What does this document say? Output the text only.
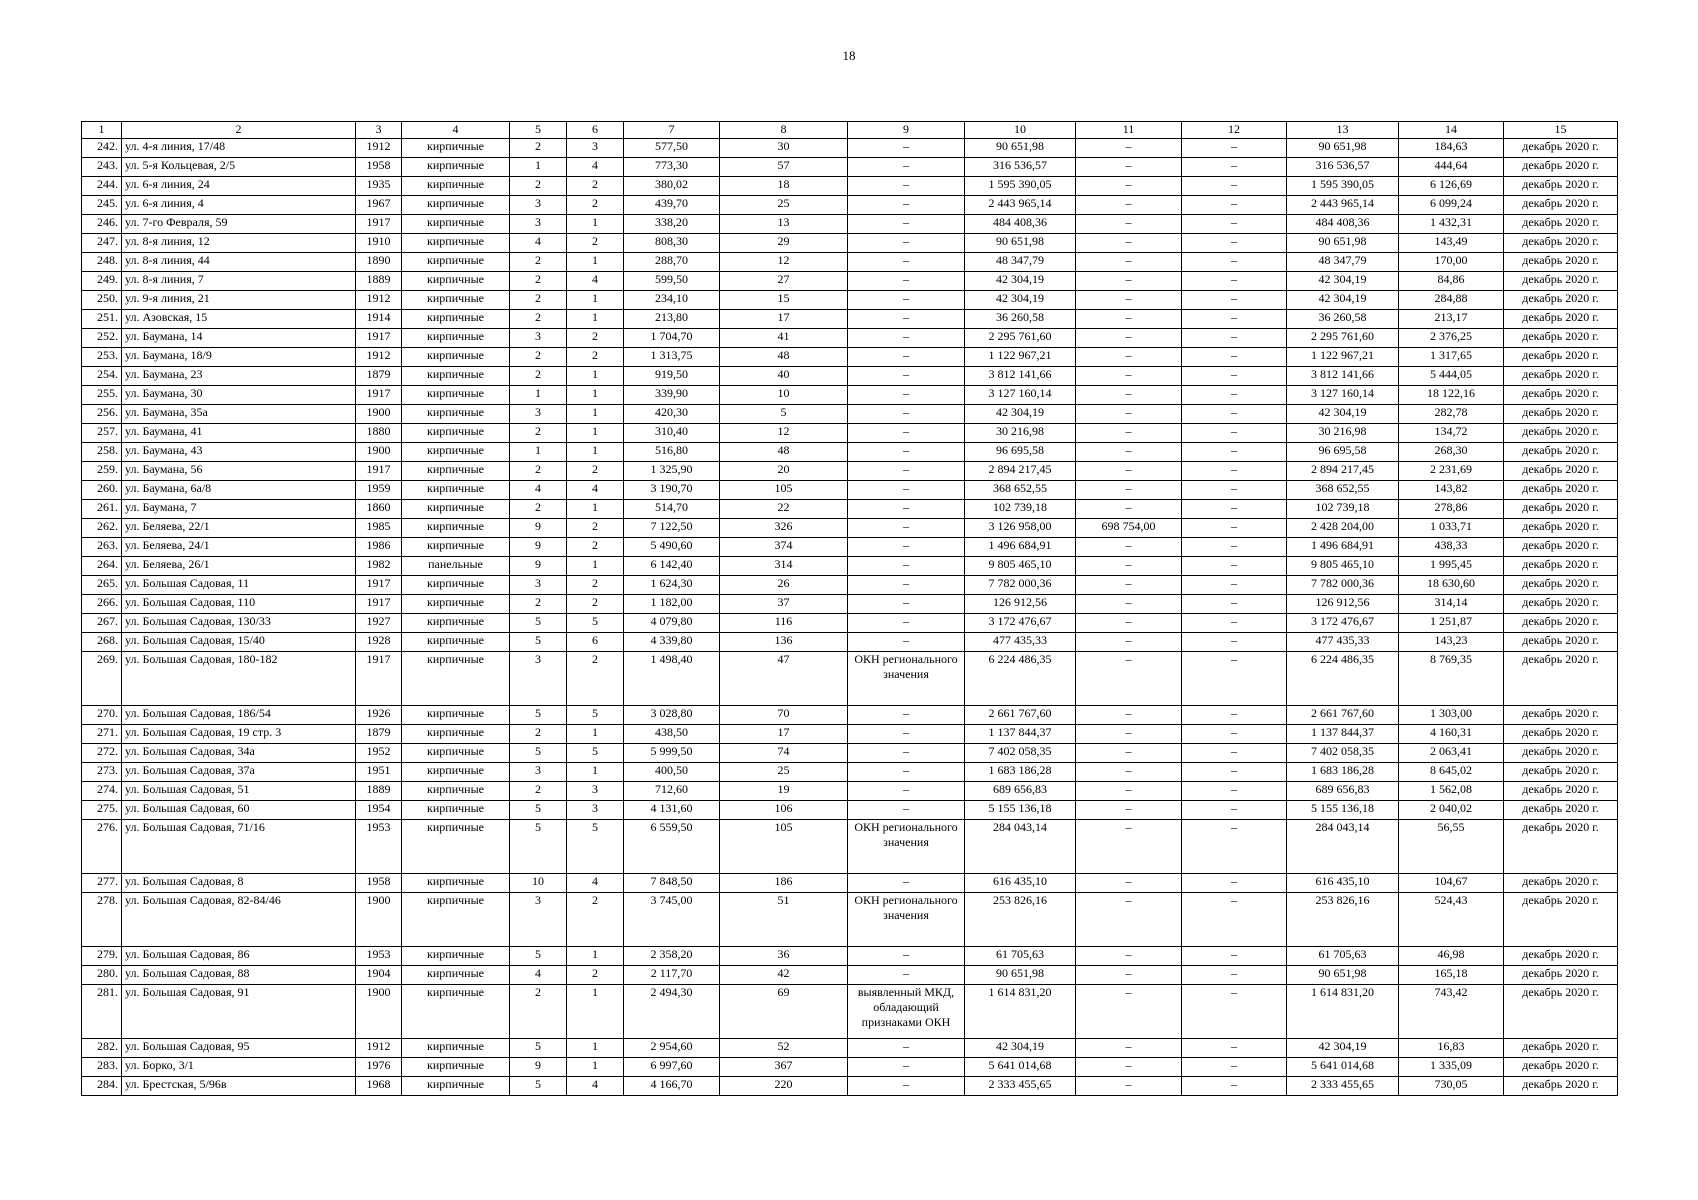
18
1	2	3	4	5	6	7	8	9	10	11	12	13	14	15
242.	ул. 4-я линия, 17/48	1912	кирпичные	2	3	577,50	30	–	90 651,98	–	–	90 651,98	184,63	декабрь 2020 г.
243.	ул. 5-я Кольцевая, 2/5	1958	кирпичные	1	4	773,30	57	–	316 536,57	–	–	316 536,57	444,64	декабрь 2020 г.
244.	ул. 6-я линия, 24	1935	кирпичные	2	2	380,02	18	–	1 595 390,05	–	–	1 595 390,05	6 126,69	декабрь 2020 г.
245.	ул. 6-я линия, 4	1967	кирпичные	3	2	439,70	25	–	2 443 965,14	–	–	2 443 965,14	6 099,24	декабрь 2020 г.
246.	ул. 7-го Февраля, 59	1917	кирпичные	3	1	338,20	13	–	484 408,36	–	–	484 408,36	1 432,31	декабрь 2020 г.
247.	ул. 8-я линия, 12	1910	кирпичные	4	2	808,30	29	–	90 651,98	–	–	90 651,98	143,49	декабрь 2020 г.
248.	ул. 8-я линия, 44	1890	кирпичные	2	1	288,70	12	–	48 347,79	–	–	48 347,79	170,00	декабрь 2020 г.
249.	ул. 8-я линия, 7	1889	кирпичные	2	4	599,50	27	–	42 304,19	–	–	42 304,19	84,86	декабрь 2020 г.
250.	ул. 9-я линия, 21	1912	кирпичные	2	1	234,10	15	–	42 304,19	–	–	42 304,19	284,88	декабрь 2020 г.
251.	ул. Азовская, 15	1914	кирпичные	2	1	213,80	17	–	36 260,58	–	–	36 260,58	213,17	декабрь 2020 г.
252.	ул. Баумана, 14	1917	кирпичные	3	2	1 704,70	41	–	2 295 761,60	–	–	2 295 761,60	2 376,25	декабрь 2020 г.
253.	ул. Баумана, 18/9	1912	кирпичные	2	2	1 313,75	48	–	1 122 967,21	–	–	1 122 967,21	1 317,65	декабрь 2020 г.
254.	ул. Баумана, 23	1879	кирпичные	2	1	919,50	40	–	3 812 141,66	–	–	3 812 141,66	5 444,05	декабрь 2020 г.
255.	ул. Баумана, 30	1917	кирпичные	1	1	339,90	10	–	3 127 160,14	–	–	3 127 160,14	18 122,16	декабрь 2020 г.
256.	ул. Баумана, 35а	1900	кирпичные	3	1	420,30	5	–	42 304,19	–	–	42 304,19	282,78	декабрь 2020 г.
257.	ул. Баумана, 41	1880	кирпичные	2	1	310,40	12	–	30 216,98	–	–	30 216,98	134,72	декабрь 2020 г.
258.	ул. Баумана, 43	1900	кирпичные	1	1	516,80	48	–	96 695,58	–	–	96 695,58	268,30	декабрь 2020 г.
259.	ул. Баумана, 56	1917	кирпичные	2	2	1 325,90	20	–	2 894 217,45	–	–	2 894 217,45	2 231,69	декабрь 2020 г.
260.	ул. Баумана, 6а/8	1959	кирпичные	4	4	3 190,70	105	–	368 652,55	–	–	368 652,55	143,82	декабрь 2020 г.
261.	ул. Баумана, 7	1860	кирпичные	2	1	514,70	22	–	102 739,18	–	–	102 739,18	278,86	декабрь 2020 г.
262.	ул. Беляева, 22/1	1985	кирпичные	9	2	7 122,50	326	–	3 126 958,00	698 754,00	–	2 428 204,00	1 033,71	декабрь 2020 г.
263.	ул. Беляева, 24/1	1986	кирпичные	9	2	5 490,60	374	–	1 496 684,91	–	–	1 496 684,91	438,33	декабрь 2020 г.
264.	ул. Беляева, 26/1	1982	панельные	9	1	6 142,40	314	–	9 805 465,10	–	–	9 805 465,10	1 995,45	декабрь 2020 г.
265.	ул. Большая Садовая, 11	1917	кирпичные	3	2	1 624,30	26	–	7 782 000,36	–	–	7 782 000,36	18 630,60	декабрь 2020 г.
266.	ул. Большая Садовая, 110	1917	кирпичные	2	2	1 182,00	37	–	126 912,56	–	–	126 912,56	314,14	декабрь 2020 г.
267.	ул. Большая Садовая, 130/33	1927	кирпичные	5	5	4 079,80	116	–	3 172 476,67	–	–	3 172 476,67	1 251,87	декабрь 2020 г.
268.	ул. Большая Садовая, 15/40	1928	кирпичные	5	6	4 339,80	136	–	477 435,33	–	–	477 435,33	143,23	декабрь 2020 г.
269.	ул. Большая Садовая, 180-182	1917	кирпичные	3	2	1 498,40	47	ОКН регионального значения	6 224 486,35	–	–	6 224 486,35	8 769,35	декабрь 2020 г.
270.	ул. Большая Садовая, 186/54	1926	кирпичные	5	5	3 028,80	70	–	2 661 767,60	–	–	2 661 767,60	1 303,00	декабрь 2020 г.
271.	ул. Большая Садовая, 19 стр. 3	1879	кирпичные	2	1	438,50	17	–	1 137 844,37	–	–	1 137 844,37	4 160,31	декабрь 2020 г.
272.	ул. Большая Садовая, 34а	1952	кирпичные	5	5	5 999,50	74	–	7 402 058,35	–	–	7 402 058,35	2 063,41	декабрь 2020 г.
273.	ул. Большая Садовая, 37а	1951	кирпичные	3	1	400,50	25	–	1 683 186,28	–	–	1 683 186,28	8 645,02	декабрь 2020 г.
274.	ул. Большая Садовая, 51	1889	кирпичные	2	3	712,60	19	–	689 656,83	–	–	689 656,83	1 562,08	декабрь 2020 г.
275.	ул. Большая Садовая, 60	1954	кирпичные	5	3	4 131,60	106	–	5 155 136,18	–	–	5 155 136,18	2 040,02	декабрь 2020 г.
276.	ул. Большая Садовая, 71/16	1953	кирпичные	5	5	6 559,50	105	ОКН регионального значения	284 043,14	–	–	284 043,14	56,55	декабрь 2020 г.
277.	ул. Большая Садовая, 8	1958	кирпичные	10	4	7 848,50	186	–	616 435,10	–	–	616 435,10	104,67	декабрь 2020 г.
278.	ул. Большая Садовая, 82-84/46	1900	кирпичные	3	2	3 745,00	51	ОКН регионального значения	253 826,16	–	–	253 826,16	524,43	декабрь 2020 г.
279.	ул. Большая Садовая, 86	1953	кирпичные	5	1	2 358,20	36	–	61 705,63	–	–	61 705,63	46,98	декабрь 2020 г.
280.	ул. Большая Садовая, 88	1904	кирпичные	4	2	2 117,70	42	–	90 651,98	–	–	90 651,98	165,18	декабрь 2020 г.
281.	ул. Большая Садовая, 91	1900	кирпичные	2	1	2 494,30	69	выявленный МКД, обладающий признаками ОКН	1 614 831,20	–	–	1 614 831,20	743,42	декабрь 2020 г.
282.	ул. Большая Садовая, 95	1912	кирпичные	5	1	2 954,60	52	–	42 304,19	–	–	42 304,19	16,83	декабрь 2020 г.
283.	ул. Борко, 3/1	1976	кирпичные	9	1	6 997,60	367	–	5 641 014,68	–	–	5 641 014,68	1 335,09	декабрь 2020 г.
284.	ул. Брестская, 5/96в	1968	кирпичные	5	4	4 166,70	220	–	2 333 455,65	–	–	2 333 455,65	730,05	декабрь 2020 г.
